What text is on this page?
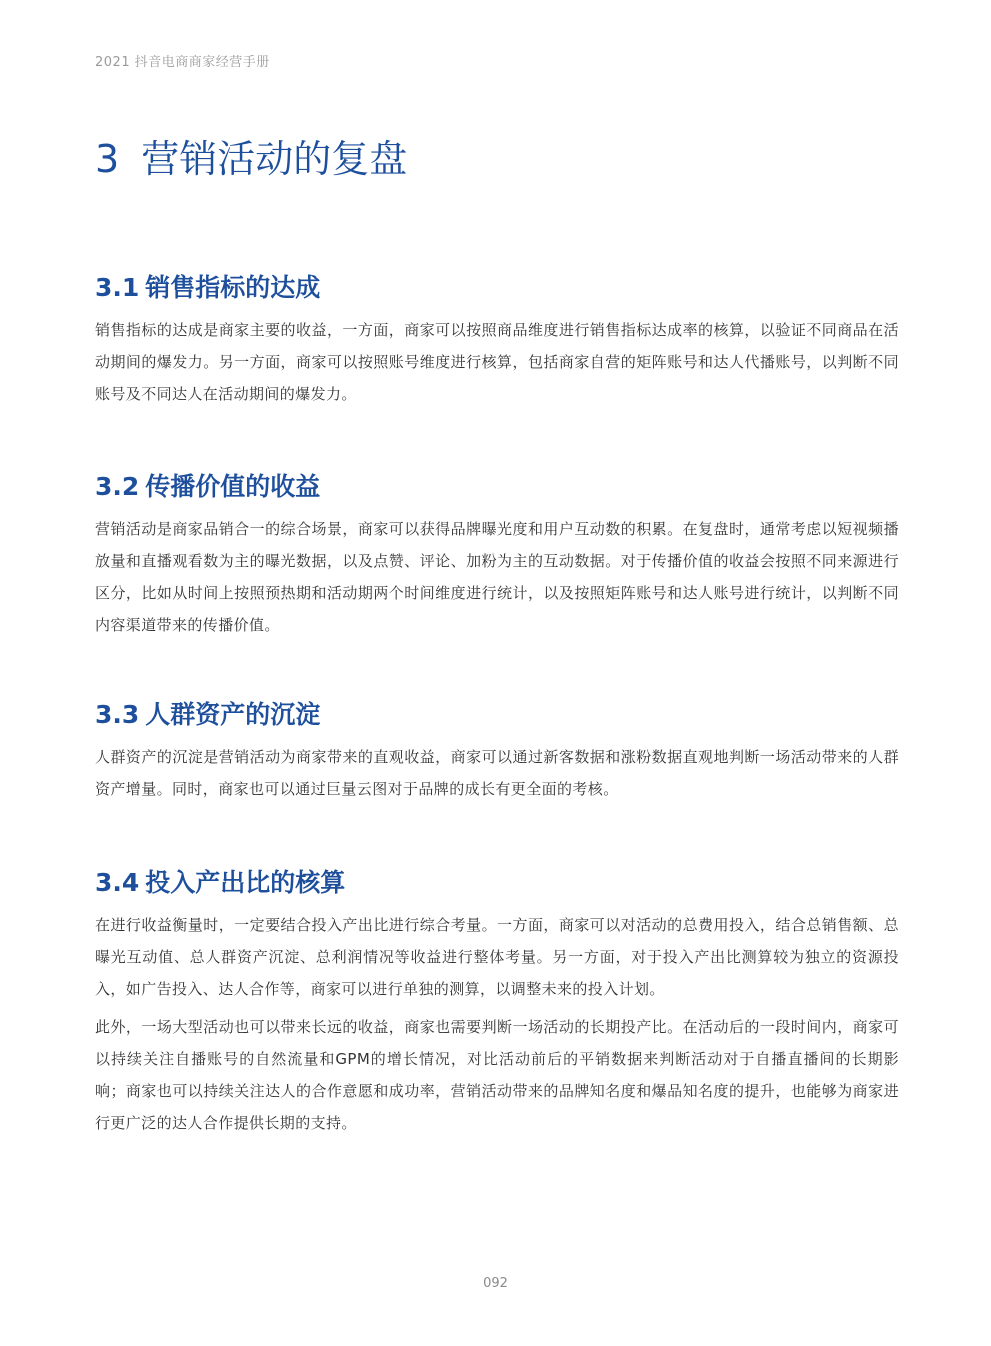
2021 抖音电商商家经营手册
3 营销活动的复盘
3.1 销售指标的达成

销售指标的达成是商家主要的收益，一方面，商家可以按照商品维度进行销售指标达成率的核算，以验证不同商品在活动期间的爆发力。另一方面，商家可以按照账号维度进行核算，包括商家自营的矩阵账号和达人代播账号，以判断不同账号及不同达人在活动期间的爆发力。

3.2 传播价值的收益

营销活动是商家品销合一的综合场景，商家可以获得品牌曝光度和用户互动数的积累。在复盘时，通常考虑以短视频播放量和直播观看数为主的曝光数据，以及点赞、评论、加粉为主的互动数据。对于传播价值的收益会按照不同来源进行区分，比如从时间上按照预热期和活动期两个时间维度进行统计，以及按照矩阵账号和达人账号进行统计，以判断不同内容渠道带来的传播价值。

3.3 人群资产的沉淀

人群资产的沉淀是营销活动为商家带来的直观收益，商家可以通过新客数据和涨粉数据直观地判断一场活动带来的人群资产增量。同时，商家也可以通过巨量云图对于品牌的成长有更全面的考核。

3.4 投入产出比的核算

在进行收益衡量时，一定要结合投入产出比进行综合考量。一方面，商家可以对活动的总费用投入，结合总销售额、总曝光互动值、总人群资产沉淀、总利润情况等收益进行整体考量。另一方面，对于投入产出比测算较为独立的资源投入，如广告投入、达人合作等，商家可以进行单独的测算，以调整未来的投入计划。

此外，一场大型活动也可以带来长远的收益，商家也需要判断一场活动的长期投产比。在活动后的一段时间内，商家可以持续关注自播账号的自然流量和GPM的增长情况，对比活动前后的平销数据来判断活动对于自播直播间的长期影响；商家也可以持续关注达人的合作意愿和成功率，营销活动带来的品牌知名度和爆品知名度的提升，也能够为商家进行更广泛的达人合作提供长期的支持。

092
